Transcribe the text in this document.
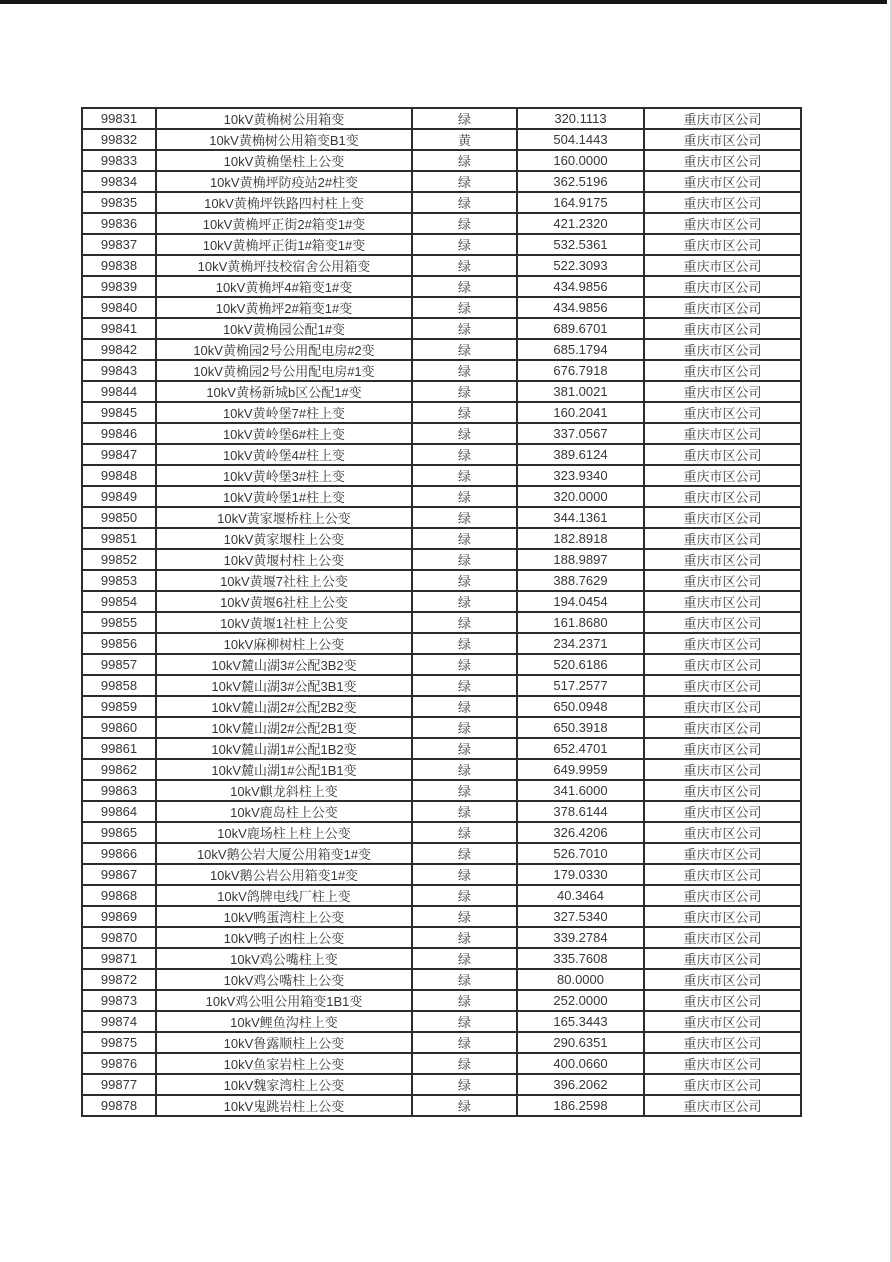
99831	10kV黄桷树公用箱变	绿	320.1113	重庆市区公司
99832	10kV黄桷树公用箱变B1变	黄	504.1443	重庆市区公司
99833	10kV黄桷堡柱上公变	绿	160.0000	重庆市区公司
99834	10kV黄桷坪防疫站2#柱变	绿	362.5196	重庆市区公司
99835	10kV黄桷坪铁路四村柱上变	绿	164.9175	重庆市区公司
99836	10kV黄桷坪正街2#箱变1#变	绿	421.2320	重庆市区公司
99837	10kV黄桷坪正街1#箱变1#变	绿	532.5361	重庆市区公司
99838	10kV黄桷坪技校宿舍公用箱变	绿	522.3093	重庆市区公司
99839	10kV黄桷坪4#箱变1#变	绿	434.9856	重庆市区公司
99840	10kV黄桷坪2#箱变1#变	绿	434.9856	重庆市区公司
99841	10kV黄桷园公配1#变	绿	689.6701	重庆市区公司
99842	10kV黄桷园2号公用配电房#2变	绿	685.1794	重庆市区公司
99843	10kV黄桷园2号公用配电房#1变	绿	676.7918	重庆市区公司
99844	10kV黄杨新城b区公配1#变	绿	381.0021	重庆市区公司
99845	10kV黄岭堡7#柱上变	绿	160.2041	重庆市区公司
99846	10kV黄岭堡6#柱上变	绿	337.0567	重庆市区公司
99847	10kV黄岭堡4#柱上变	绿	389.6124	重庆市区公司
99848	10kV黄岭堡3#柱上变	绿	323.9340	重庆市区公司
99849	10kV黄岭堡1#柱上变	绿	320.0000	重庆市区公司
99850	10kV黄家堰桥柱上公变	绿	344.1361	重庆市区公司
99851	10kV黄家堰柱上公变	绿	182.8918	重庆市区公司
99852	10kV黄堰村柱上公变	绿	188.9897	重庆市区公司
99853	10kV黄堰7社柱上公变	绿	388.7629	重庆市区公司
99854	10kV黄堰6社柱上公变	绿	194.0454	重庆市区公司
99855	10kV黄堰1社柱上公变	绿	161.8680	重庆市区公司
99856	10kV麻柳树柱上公变	绿	234.2371	重庆市区公司
99857	10kV麓山湖3#公配3B2变	绿	520.6186	重庆市区公司
99858	10kV麓山湖3#公配3B1变	绿	517.2577	重庆市区公司
99859	10kV麓山湖2#公配2B2变	绿	650.0948	重庆市区公司
99860	10kV麓山湖2#公配2B1变	绿	650.3918	重庆市区公司
99861	10kV麓山湖1#公配1B2变	绿	652.4701	重庆市区公司
99862	10kV麓山湖1#公配1B1变	绿	649.9959	重庆市区公司
99863	10kV麒龙斜柱上变	绿	341.6000	重庆市区公司
99864	10kV鹿岛柱上公变	绿	378.6144	重庆市区公司
99865	10kV鹿场柱上柱上公变	绿	326.4206	重庆市区公司
99866	10kV鹅公岩大厦公用箱变1#变	绿	526.7010	重庆市区公司
99867	10kV鹅公岩公用箱变1#变	绿	179.0330	重庆市区公司
99868	10kV鸽牌电线厂柱上变	绿	40.3464	重庆市区公司
99869	10kV鸭蛋湾柱上公变	绿	327.5340	重庆市区公司
99870	10kV鸭子凼柱上公变	绿	339.2784	重庆市区公司
99871	10kV鸡公嘴柱上变	绿	335.7608	重庆市区公司
99872	10kV鸡公嘴柱上公变	绿	80.0000	重庆市区公司
99873	10kV鸡公咀公用箱变1B1变	绿	252.0000	重庆市区公司
99874	10kV鲤鱼沟柱上变	绿	165.3443	重庆市区公司
99875	10kV鲁露顺柱上公变	绿	290.6351	重庆市区公司
99876	10kV鱼家岩柱上公变	绿	400.0660	重庆市区公司
99877	10kV魏家湾柱上公变	绿	396.2062	重庆市区公司
99878	10kV鬼跳岩柱上公变	绿	186.2598	重庆市区公司
